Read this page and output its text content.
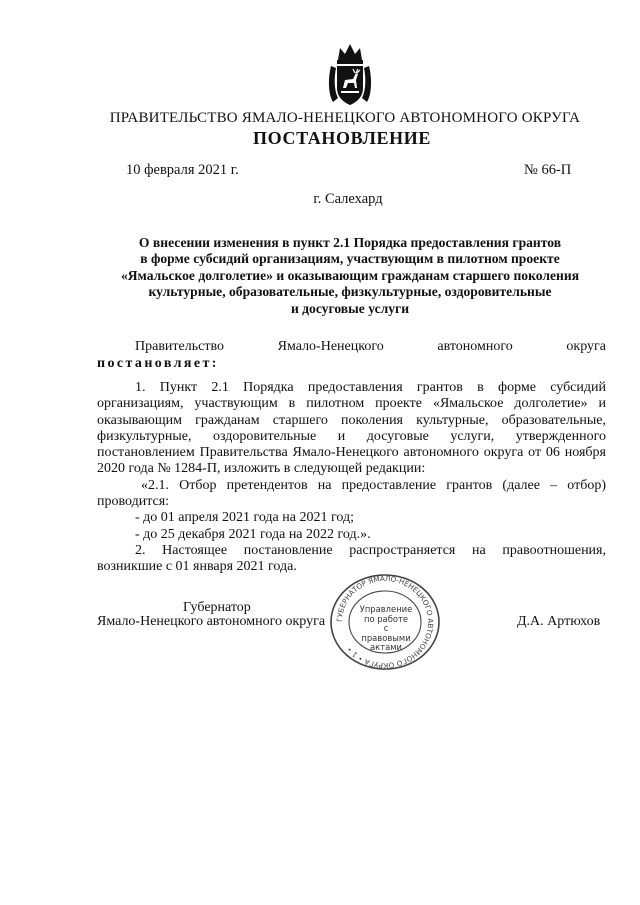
ПРАВИТЕЛЬСТВО ЯМАЛО-НЕНЕЦКОГО АВТОНОМНОГО ОКРУГА
ПОСТАНОВЛЕНИЕ
10 февраля 2021 г.	№ 66-П
г. Салехард
О внесении изменения в пункт 2.1 Порядка предоставления грантов
в форме субсидий организациям, участвующим в пилотном проекте
«Ямальское долголетие» и оказывающим гражданам старшего поколения
культурные, образовательные, физкультурные, оздоровительные
и досуговые услуги
Правительство	Ямало-Ненецкого	автономного	округа
постановляет:

1. Пункт 2.1 Порядка предоставления грантов в форме субсидий организациям, участвующим в пилотном проекте «Ямальское долголетие» и оказывающим гражданам старшего поколения культурные, образовательные, физкультурные, оздоровительные и досуговые услуги, утвержденного постановлением Правительства Ямало-Ненецкого автономного округа от 06 ноября 2020 года № 1284-П, изложить в следующей редакции:

«2.1. Отбор претендентов на предоставление грантов (далее – отбор) проводится:

- до 01 апреля 2021 года на 2021 год;

- до 25 декабря 2021 года на 2022 год.».

2. Настоящее постановление распространяется на правоотношения, возникшие с 01 января 2021 года.

Губернатор
Ямало-Ненецкого автономного округа	Д.А. Артюхов
ГУБЕРНАТОР ЯМАЛО-НЕНЕЦКОГО АВТОНОМНОГО ОКРУГА • 1 •
Управление
по работе
с правовыми
актами
